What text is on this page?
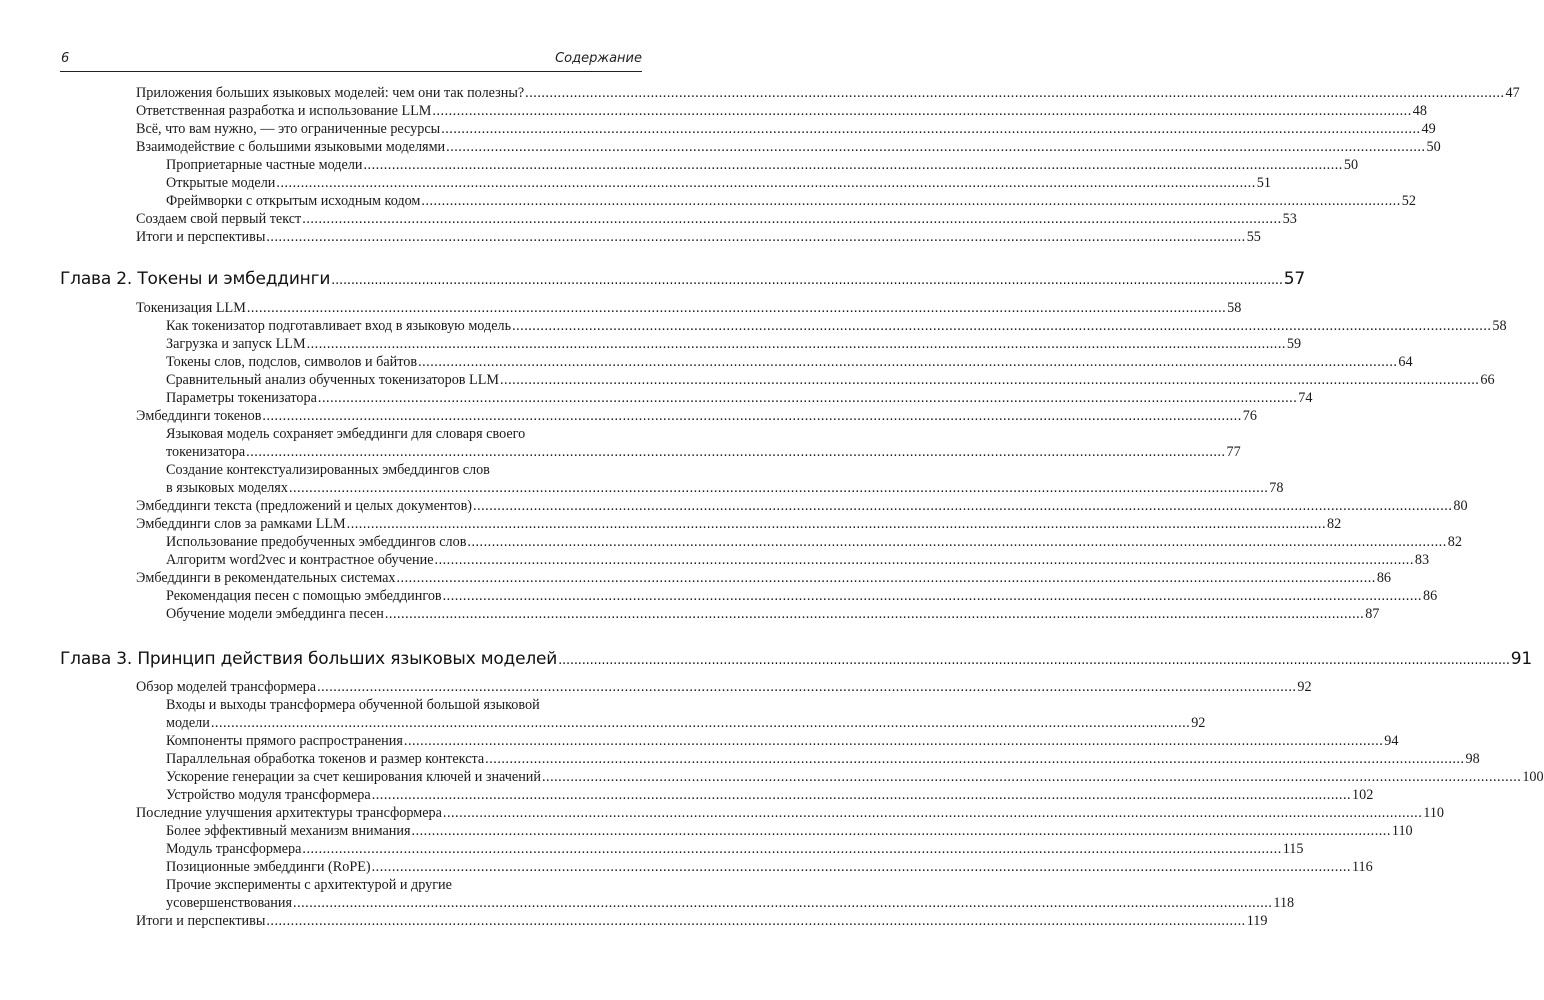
6	Содержание
Приложения больших языковых моделей: чем они так полезны? .....	47
Ответственная разработка и использование LLM .....	48
Всё, что вам нужно, — это ограниченные ресурсы .....	49
Взаимодействие с большими языковыми моделями .....	50
Проприетарные частные модели .....	50
Открытые модели .....	51
Фреймворки с открытым исходным кодом .....	52
Создаем свой первый текст .....	53
Итоги и перспективы .....	55
Глава 2. Токены и эмбеддинги .....	57
Токенизация LLM .....	58
Как токенизатор подготавливает вход в языковую модель .....	58
Загрузка и запуск LLM .....	59
Токены слов, подслов, символов и байтов .....	64
Сравнительный анализ обученных токенизаторов LLM .....	66
Параметры токенизатора .....	74
Эмбеддинги токенов .....	76
Языковая модель сохраняет эмбеддинги для словаря своего
токенизатора .....	77
Создание контекстуализированных эмбеддингов слов
в языковых моделях .....	78
Эмбеддинги текста (предложений и целых документов) .....	80
Эмбеддинги слов за рамками LLM .....	82
Использование предобученных эмбеддингов слов .....	82
Алгоритм word2vec и контрастное обучение .....	83
Эмбеддинги в рекомендательных системах .....	86
Рекомендация песен с помощью эмбеддингов .....	86
Обучение модели эмбеддинга песен .....	87
Глава 3. Принцип действия больших языковых моделей .....	91
Обзор моделей трансформера .....	92
Входы и выходы трансформера обученной большой языковой
модели .....	92
Компоненты прямого распространения .....	94
Параллельная обработка токенов и размер контекста .....	98
Ускорение генерации за счет кеширования ключей и значений .....	100
Устройство модуля трансформера .....	102
Последние улучшения архитектуры трансформера .....	110
Более эффективный механизм внимания .....	110
Модуль трансформера .....	115
Позиционные эмбеддинги (RoPE) .....	116
Прочие эксперименты с архитектурой и другие
усовершенствования .....	118
Итоги и перспективы .....	119
